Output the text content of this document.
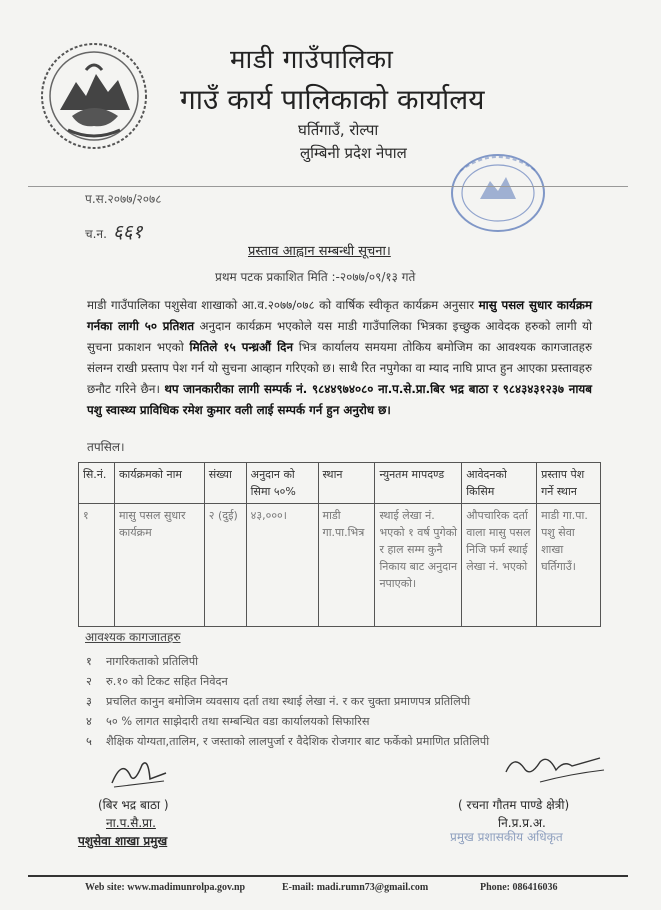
माडी गाउँपालिका
गाउँ कार्य पालिकाको कार्यालय
घर्तिगाउँ, रोल्पा
लुम्बिनी प्रदेश नेपाल
प.स.२०७७/२०७८
च.न. ६६१
प्रस्ताव आह्वान सम्बन्धी सूचना।
प्रथम पटक प्रकाशित मिति :-२०७७/०९/१३ गते
माडी गाउँपालिका पशुसेवा शाखाको आ.व.२०७७/०७८ को वार्षिक स्वीकृत कार्यक्रम अनुसार मासु पसल सुधार कार्यक्रम गर्नका लागी ५० प्रतिशत अनुदान कार्यक्रम भएकोले यस माडी गाउँपालिका भित्रका इच्छुक आवेदक हरुको लागी यो सुचना प्रकाशन भएको मितिले १५ पन्ध्रऔं दिन भित्र कार्यालय समयमा तोकिय बमोजिम का आवश्यक कागजातहरु संलग्न राखी प्रस्ताप पेश गर्न यो सुचना आव्हान गरिएको छ। साथै रित नपुगेका वा म्याद नाघि प्राप्त हुन आएका प्रस्तावहरु छनौट गरिने छैन। थप जानकारीका लागी सम्पर्क नं. ९८४४९७४०८० ना.प.से.प्रा.बिर भद्र बाठा र ९८४३४३१२३७ नायब पशु स्वास्थ्य प्राविधिक रमेश कुमार वली लाई सम्पर्क गर्न हुन अनुरोध छ।
तपसिल।
सि.नं.	कार्यक्रमको नाम	संख्या	अनुदान को सिमा ५०%	स्थान	न्युनतम मापदण्ड	आवेदनको किसिम	प्रस्ताप पेश गर्ने स्थान
१	मासु पसल सुधार कार्यक्रम	२ (दुई)	४३,०००।	माडी गा.पा.भित्र	स्थाई लेखा नं. भएको १ वर्ष पुगेको र हाल सम्म कुनै निकाय बाट अनुदान नपाएको।	औपचारिक दर्ता वाला मासु पसल निजि फर्म स्थाई लेखा नं. भएको	माडी गा.पा. पशु सेवा शाखा घर्तिगाउँ।
आवश्यक कागजातहरु
१ नागरिकताको प्रतिलिपी
२ रु.१० को टिकट सहित निवेदन
३ प्रचलित कानुन बमोजिम व्यवसाय दर्ता तथा स्थाई लेखा नं. र कर चुक्ता प्रमाणपत्र प्रतिलिपी
४ ५० % लागत साझेदारी तथा सम्बन्धित वडा कार्यालयको सिफारिस
५ शैक्षिक योग्यता,तालिम, र जस्ताको लालपुर्जा र वैदेशिक रोजगार बाट फर्केको प्रमाणित प्रतिलिपी
(बिर भद्र बाठा )
ना.प.सै.प्रा.
पशुसेवा शाखा प्रमुख
( रचना गौतम पाण्डे क्षेत्री)
नि.प्र.प्र.अ.
प्रमुख प्रशासकीय अधिकृत
Web site: www.madimunrolpa.gov.np	E-mail: madi.rumn73@gmail.com	Phone: 086416036
